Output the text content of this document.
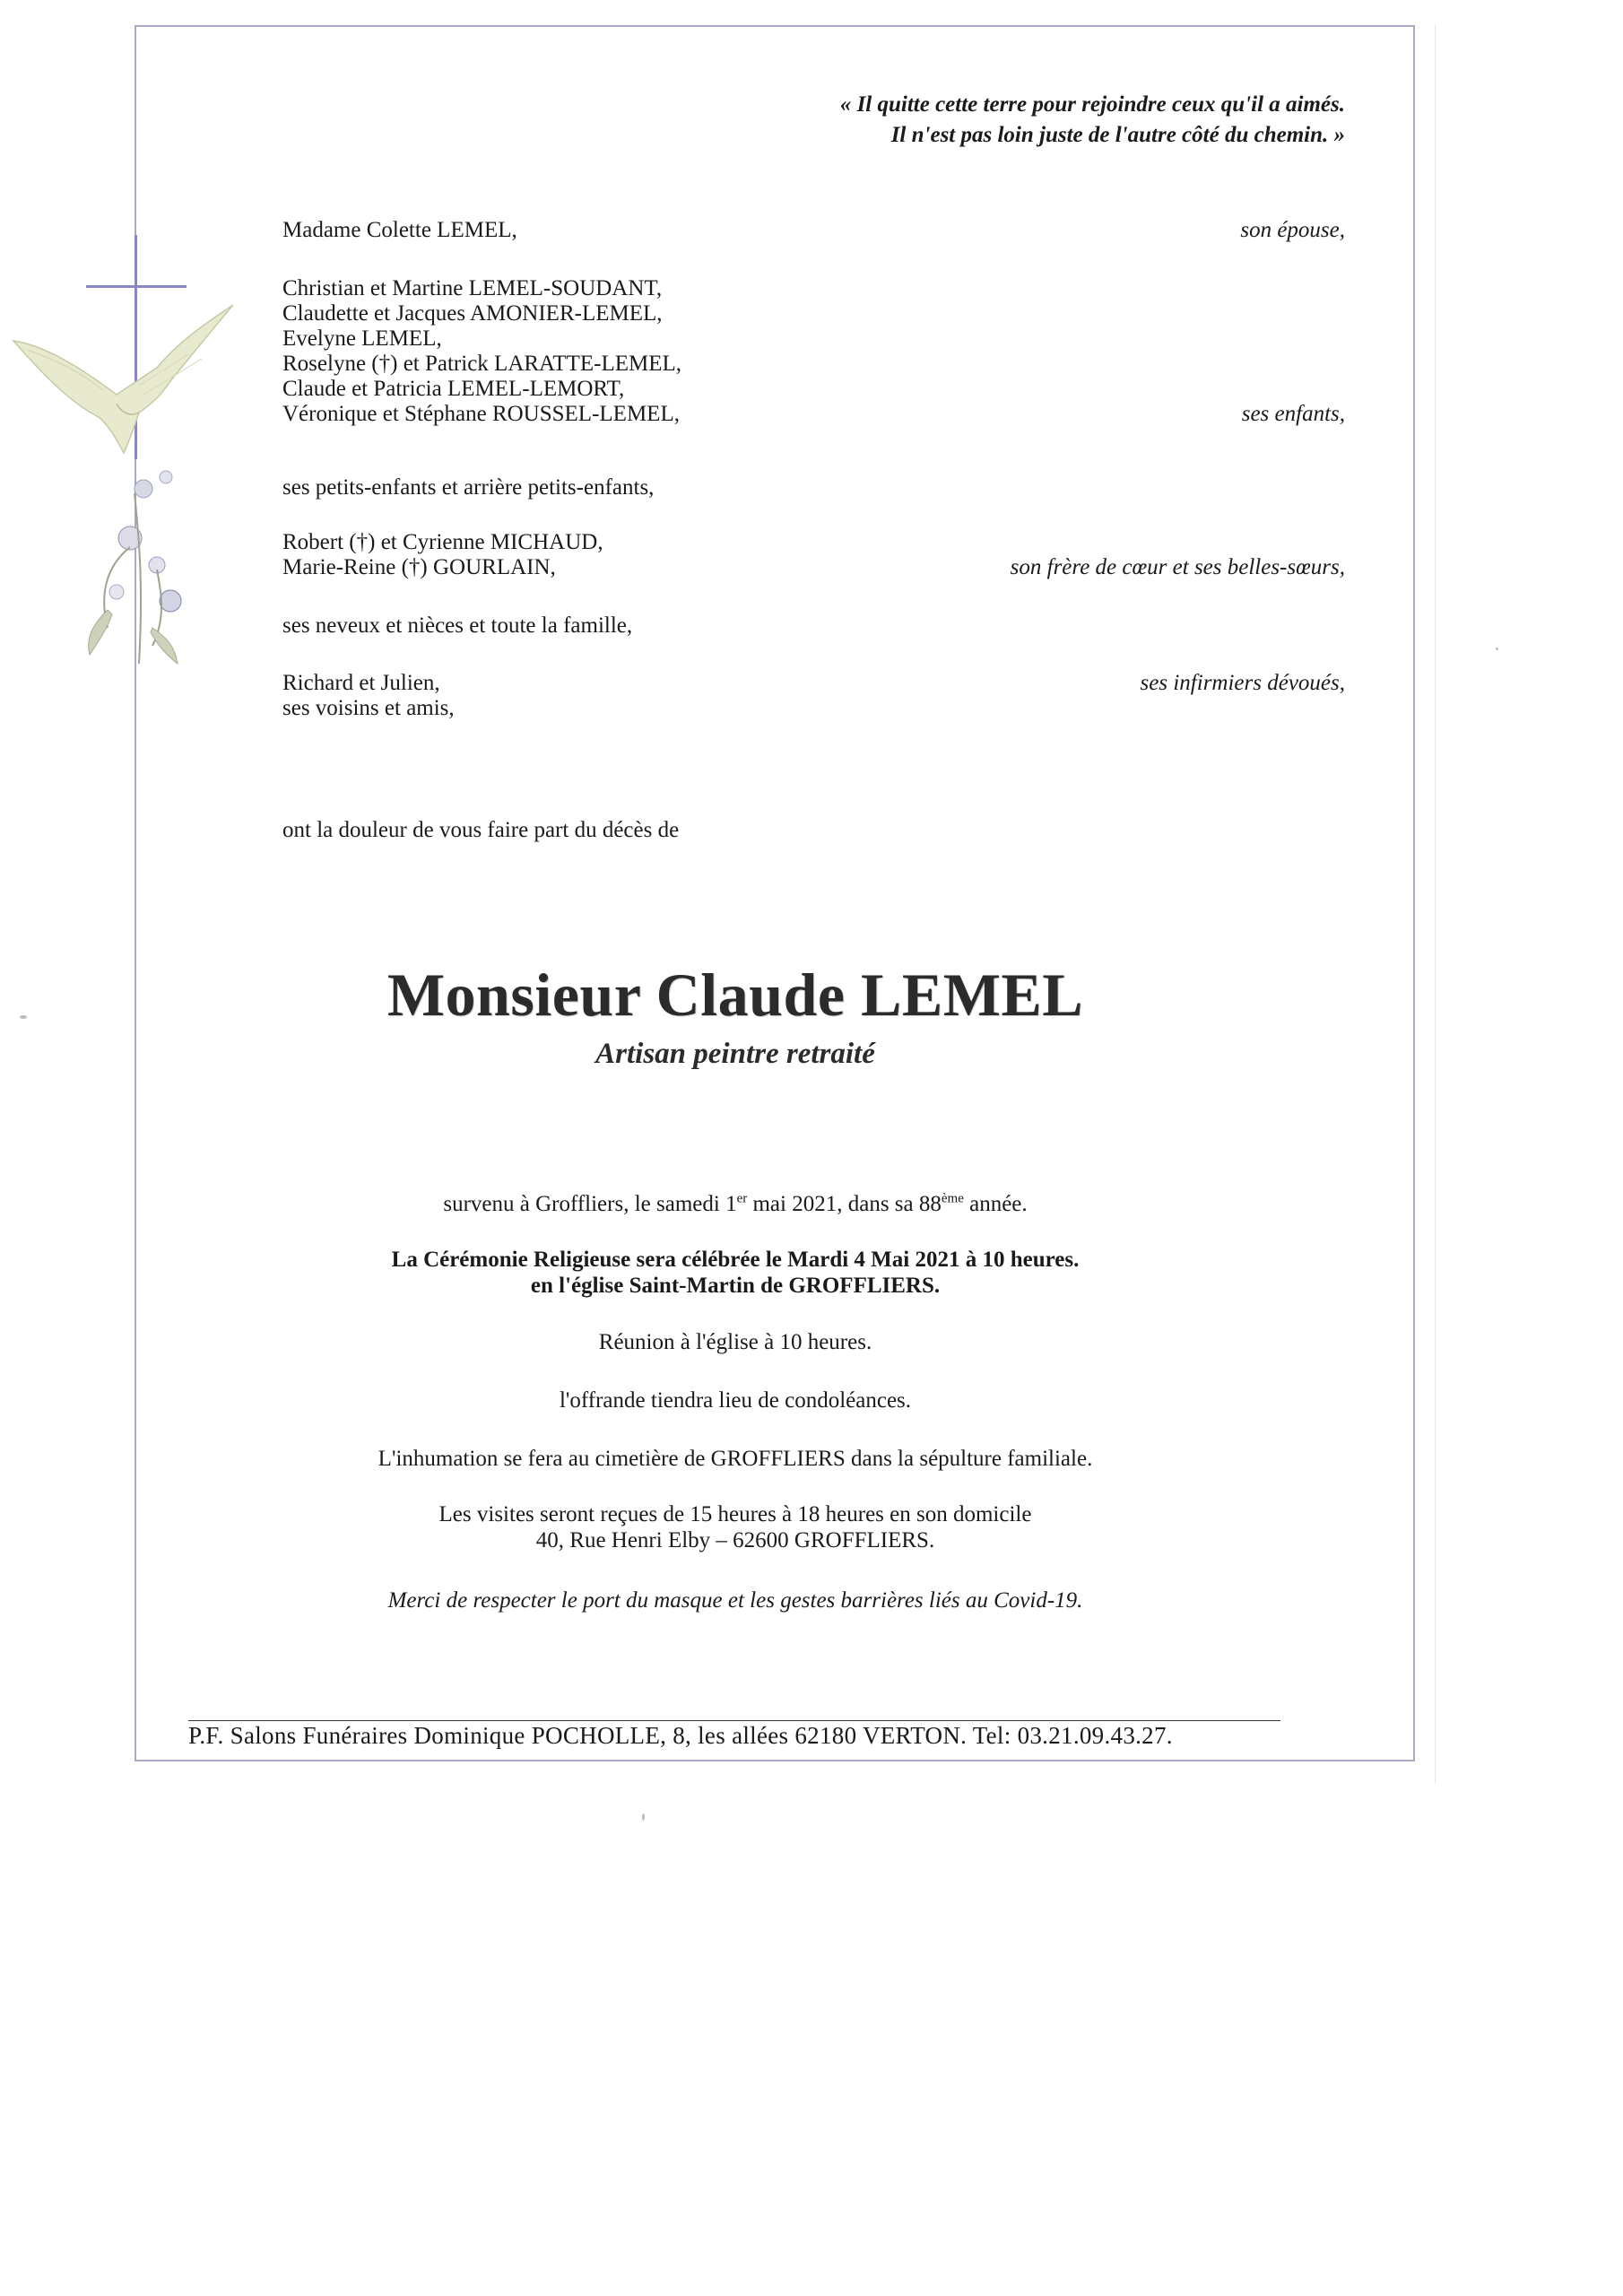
« Il quitte cette terre pour rejoindre ceux qu'il a aimés.
Il n'est pas loin juste de l'autre côté du chemin. »
Madame Colette LEMEL,	son épouse,
Christian et Martine LEMEL-SOUDANT,
Claudette et Jacques AMONIER-LEMEL,
Evelyne LEMEL,
Roselyne (†) et Patrick LARATTE-LEMEL,
Claude et Patricia LEMEL-LEMORT,
Véronique et Stéphane ROUSSEL-LEMEL,	ses enfants,
ses petits-enfants et arrière petits-enfants,
Robert (†) et Cyrienne MICHAUD,
Marie-Reine (†) GOURLAIN,	son frère de cœur et ses belles-sœurs,
ses neveux et nièces et toute la famille,
Richard et Julien,
ses voisins et amis,
ses infirmiers dévoués,
ont la douleur de vous faire part du décès de
Monsieur Claude LEMEL
Artisan peintre retraité
survenu à Groffliers, le samedi 1er mai 2021, dans sa 88ème année.
La Cérémonie Religieuse sera célébrée le Mardi 4 Mai 2021 à 10 heures.
en l'église Saint-Martin de GROFFLIERS.
Réunion à l'église à 10 heures.
l'offrande tiendra lieu de condoléances.
L'inhumation se fera au cimetière de GROFFLIERS dans la sépulture familiale.
Les visites seront reçues de 15 heures à 18 heures en son domicile
40, Rue Henri Elby – 62600 GROFFLIERS.
Merci de respecter le port du masque et les gestes barrières liés au Covid-19.
P.F. Salons Funéraires Dominique POCHOLLE, 8, les allées 62180 VERTON. Tel: 03.21.09.43.27.
